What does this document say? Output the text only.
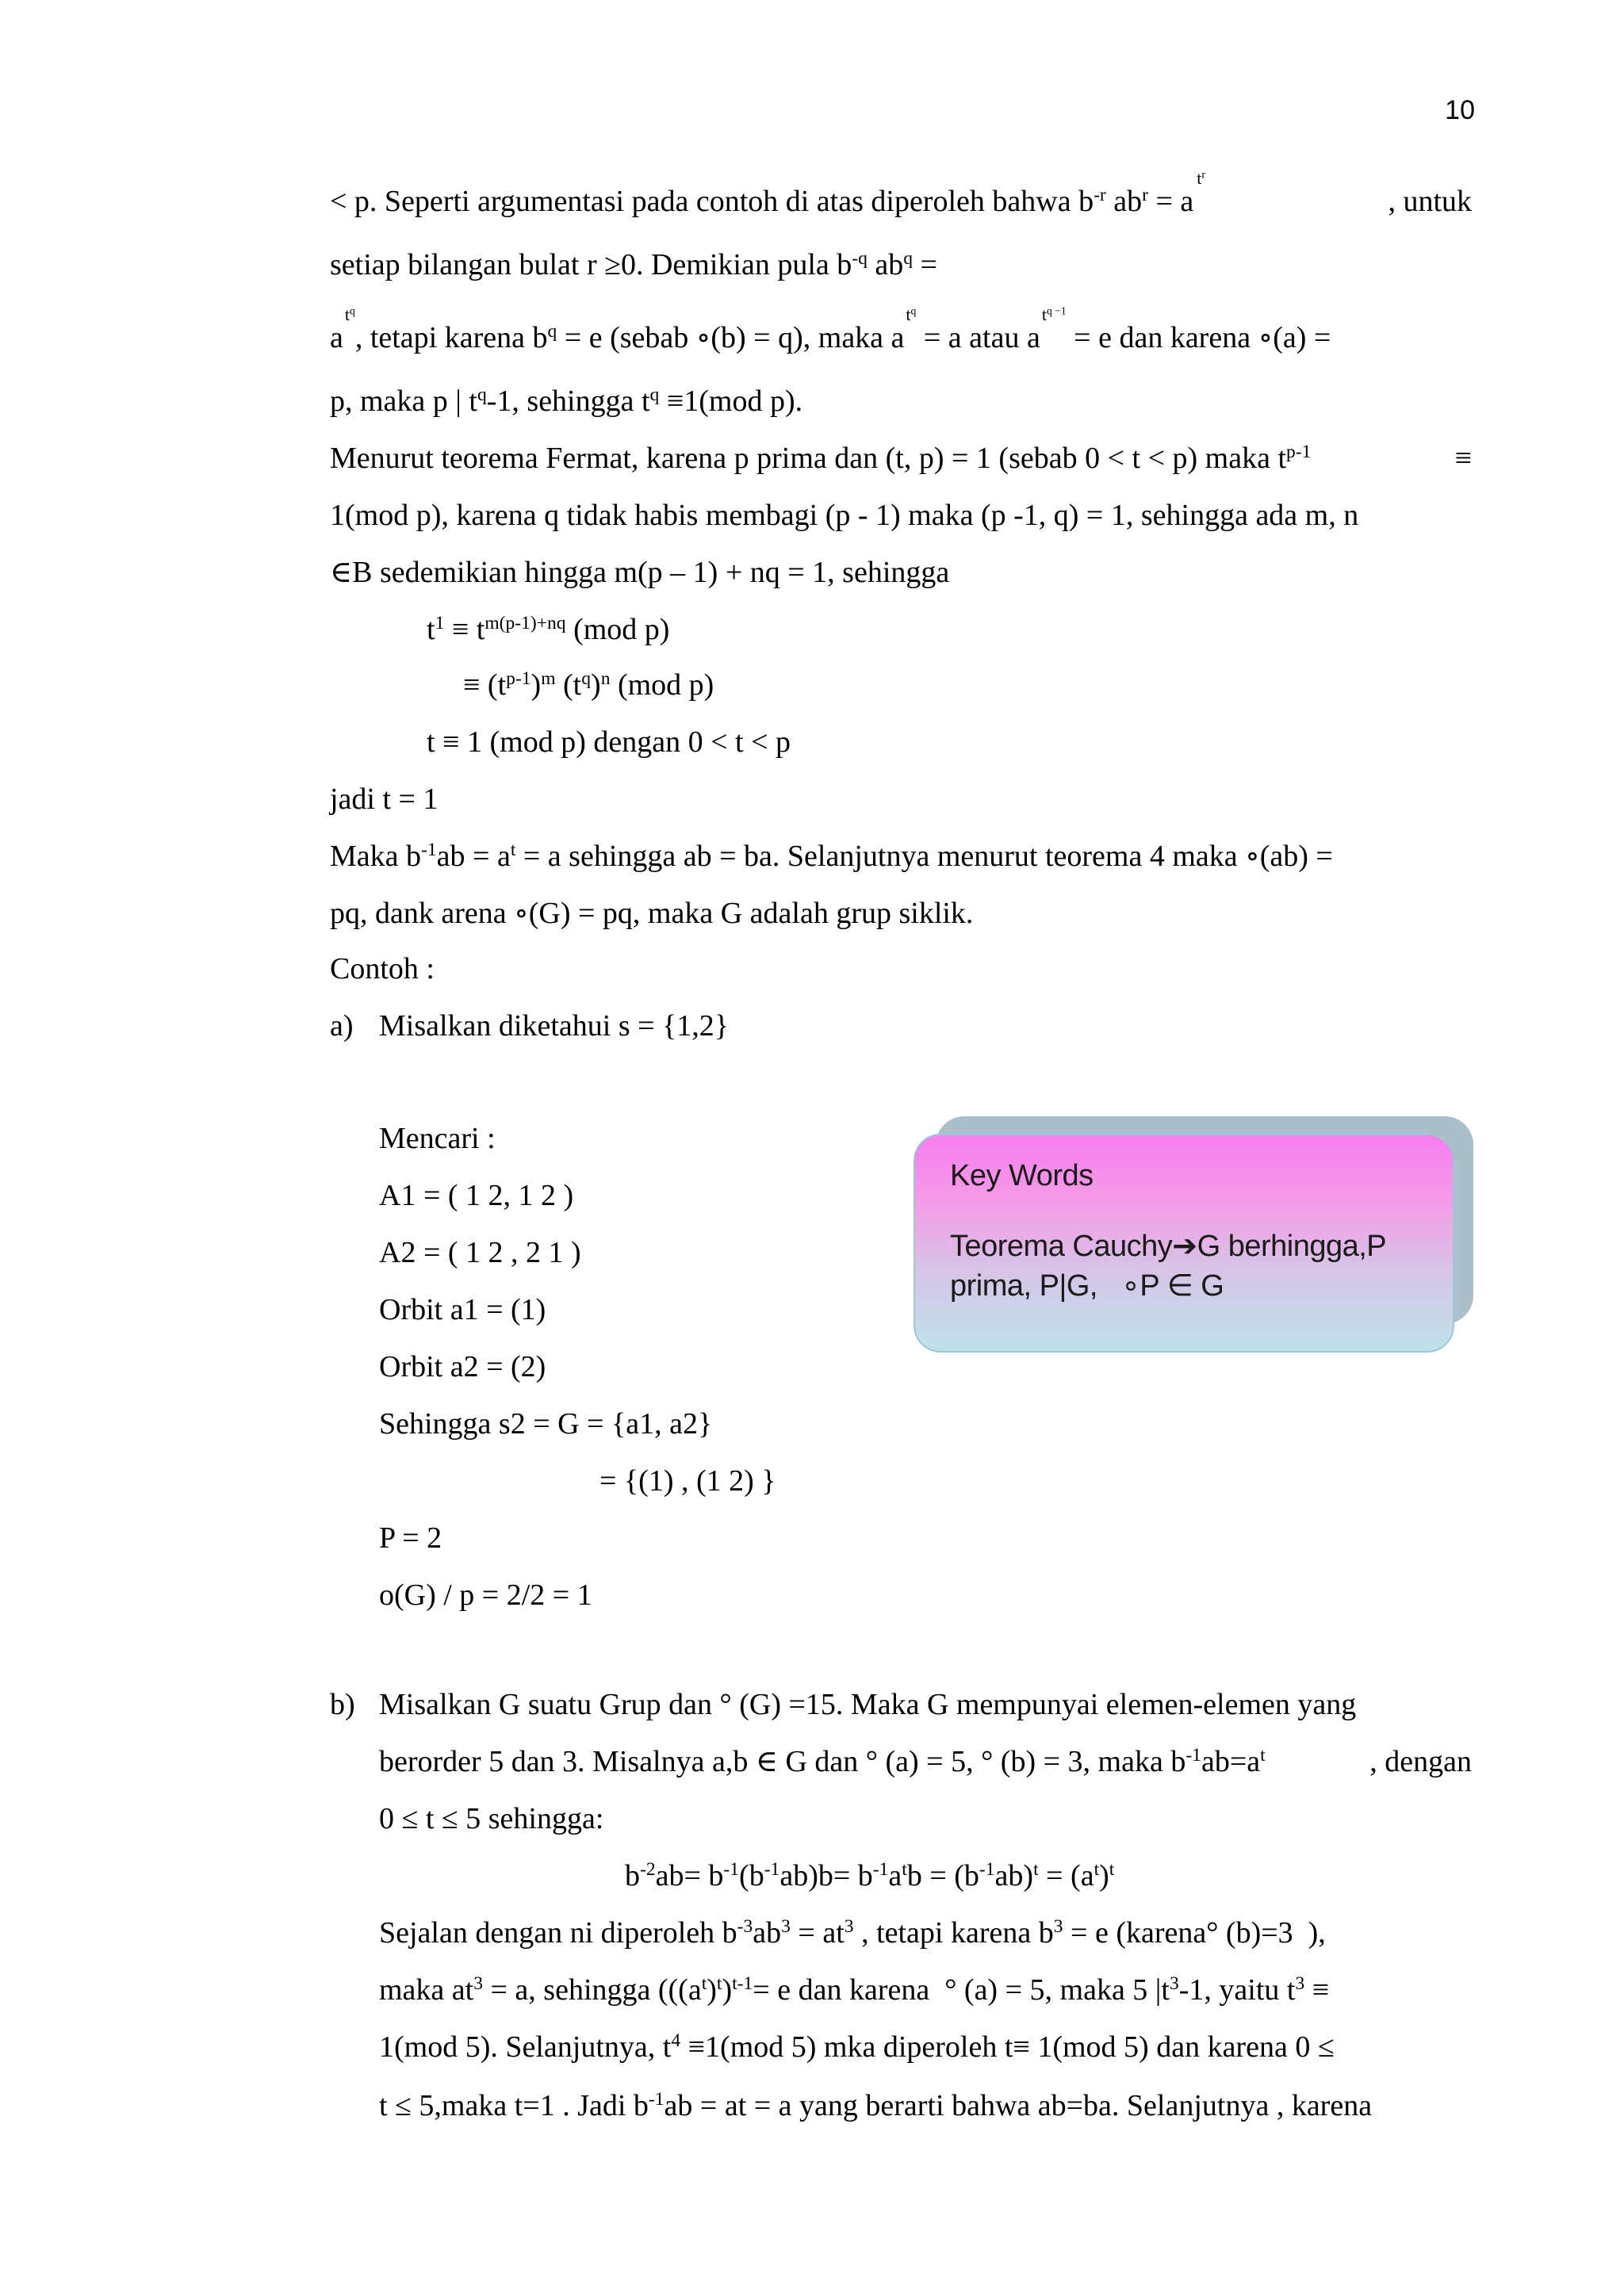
10
< p. Seperti argumentasi pada contoh di atas diperoleh bahwa $b^{-r}$ $ab^r = a^{t^r}$
, untuk
setiap bilangan bulat r ≥0. Demikian pula $b^{-q}$ $ab^q$ =
$a^{t^q}$, tetapi karena $b^q = e$ (sebab ∘(b) = q), maka $a^{t^q} = a$ atau $a^{t^{q -1}} = e$ dan karena ∘(a) =
p, maka p | $t^q-1$, sehingga $t^q \equiv 1(mod$ p).
Menurut teorema Fermat, karena p prima dan (t, p) = 1 (sebab 0 < t < p) maka $t^{p-1}$	≡
1(mod p), karena q tidak habis membagi (p - 1) maka (p -1, q) = 1, sehingga ada m, n
∈B sedemikian hingga m(p – 1) + nq = 1, sehingga
$t^1 \equiv t^{m(p-1)+nq}$ (mod p)
≡ $(t^{p-1})^m$ $(t^q)^n$ (mod p)
t ≡ 1 (mod p) dengan 0 < t < p
jadi t = 1
Maka $b^{-1}ab = a^t = a$ sehingga ab = ba. Selanjutnya menurut teorema 4 maka ∘(ab) =
pq, dank arena ∘(G) = pq, maka G adalah grup siklik.
Contoh :
a) Misalkan diketahui s = {1,2}
Mencari :
A1 = ( 1 2, 1 2 )
A2 = ( 1 2 , 2 1 )
Orbit a1 = (1)
Orbit a2 = (2)
Sehingga s2 = G = {a1, a2}
= {(1) , (1 2) }
P = 2
o(G) / p = 2/2 = 1
Key Words
Teorema Cauchy➔G berhingga,P
prima, P|G,   ∘P ∈ G
b) Misalkan G suatu Grup dan ° (G) =15. Maka G mempunyai elemen-elemen yang
berorder 5 dan 3. Misalnya a,b ∈ G dan ° (a) = 5, ° (b) = 3, maka $b^{-1}ab=a^t$	, dengan
0 ≤ t ≤ 5 sehingga:
$b^{-2}ab= b^{-1}(b^{-1}ab)b= b^{-1}a^tb = (b^{-1}ab)^t = (a^t)^t$
Sejalan dengan ni diperoleh $b^{-3}ab^3 = at^3$ , tetapi karena $b^3 = e$ (karena° (b)=3  ),
maka $at^3 = a$, sehingga ($((a^t)^t)^{t-1}= e$ dan karena  ° (a) = 5, maka 5 $|t^3-1$, yaitu $t^3$ ≡
1(mod 5). Selanjutnya, $t^4 \equiv 1(mod$ 5) mka diperoleh t≡ 1(mod 5) dan karena 0 ≤
t ≤ 5,maka t=1 . Jadi $b^{-1}ab$ = at = a yang berarti bahwa ab=ba. Selanjutnya , karena
